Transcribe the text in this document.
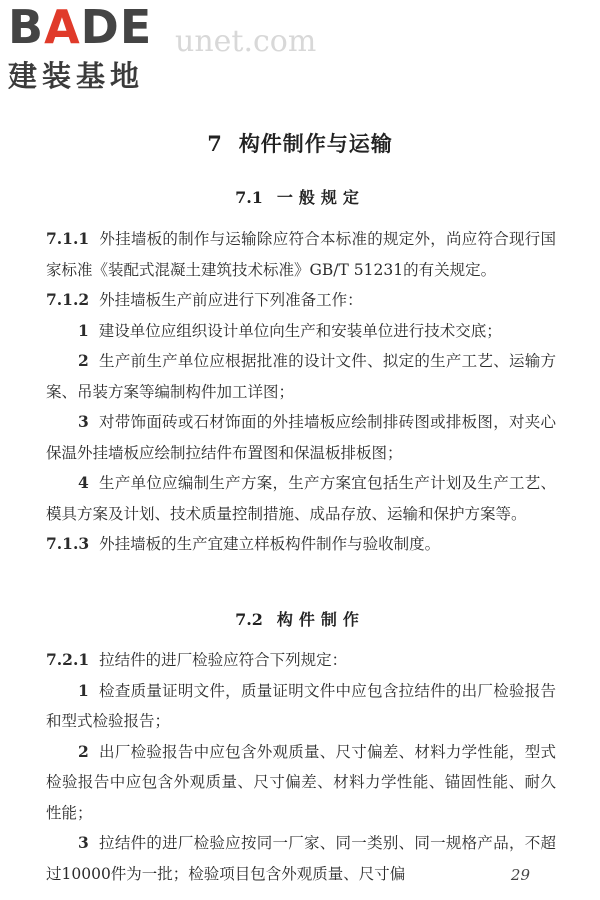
B A DE
建装基地
unet.com
7 构件制作与运输
7.1 一般规定

7.1.1 外挂墙板的制作与运输除应符合本标准的规定外，尚应符合现行国家标准《装配式混凝土建筑技术标准》GB/T 51231的有关规定。

7.1.2 外挂墙板生产前应进行下列准备工作：

1 建设单位应组织设计单位向生产和安装单位进行技术交底；

2 生产前生产单位应根据批准的设计文件、拟定的生产工艺、运输方案、吊装方案等编制构件加工详图；

3 对带饰面砖或石材饰面的外挂墙板应绘制排砖图或排板图，对夹心保温外挂墙板应绘制拉结件布置图和保温板排板图；

4 生产单位应编制生产方案，生产方案宜包括生产计划及生产工艺、模具方案及计划、技术质量控制措施、成品存放、运输和保护方案等。

7.1.3 外挂墙板的生产宜建立样板构件制作与验收制度。

7.2 构件制作

7.2.1 拉结件的进厂检验应符合下列规定：

1 检查质量证明文件，质量证明文件中应包含拉结件的出厂检验报告和型式检验报告；

2 出厂检验报告中应包含外观质量、尺寸偏差、材料力学性能，型式检验报告中应包含外观质量、尺寸偏差、材料力学性能、锚固性能、耐久性能；

3 拉结件的进厂检验应按同一厂家、同一类别、同一规格产品，不超过10000件为一批；检验项目包含外观质量、尺寸偏	29
